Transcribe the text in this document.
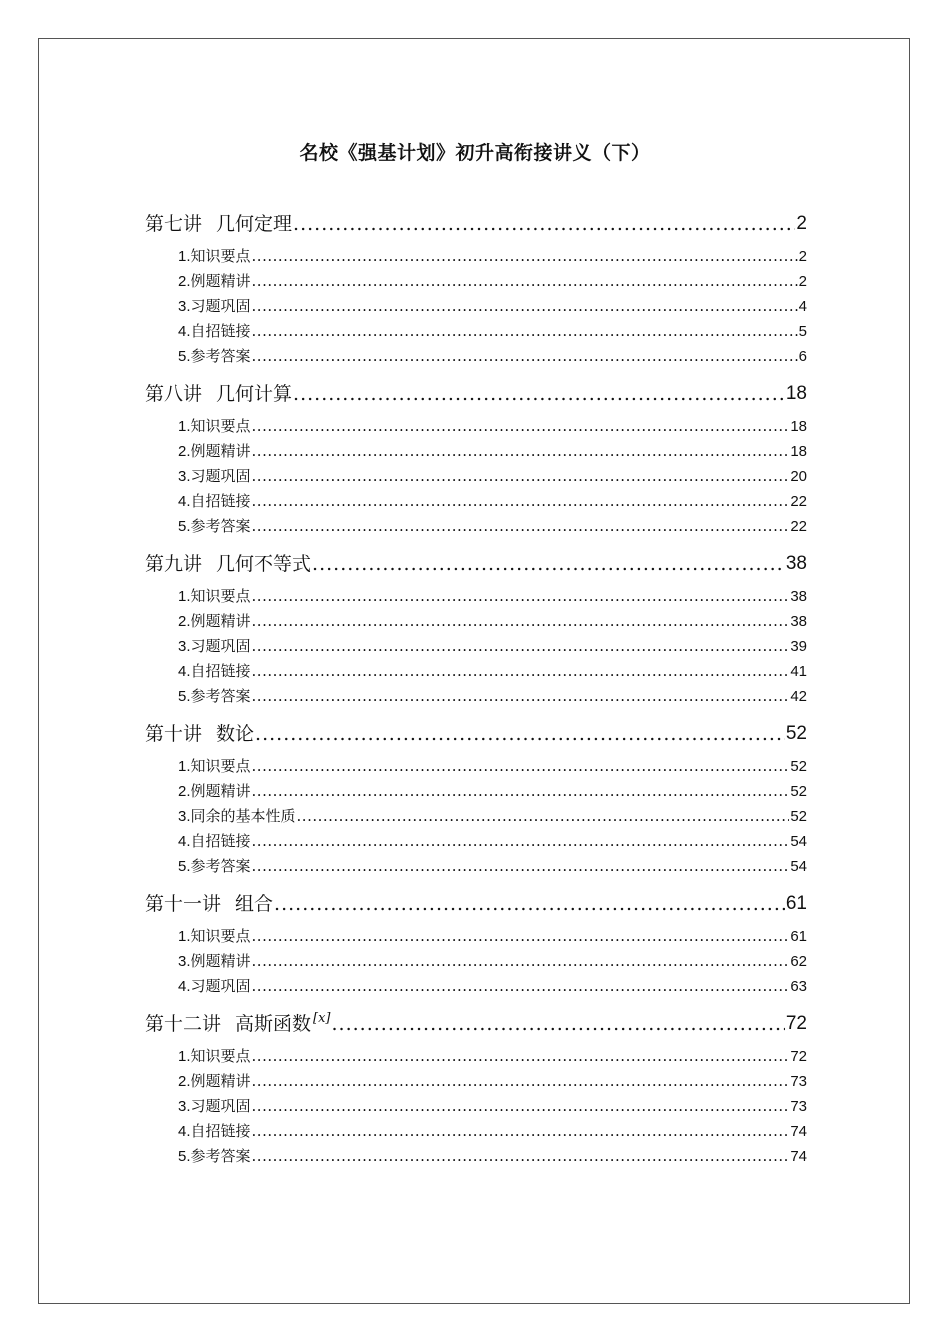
名校《强基计划》初升高衔接讲义（下）
第七讲 几何定理 .....	2
1.知识要点 .....	2
2.例题精讲 .....	2
3.习题巩固 .....	4
4.自招链接 .....	5
5.参考答案 .....	6
第八讲 几何计算 .....	18
1.知识要点 .....	18
2.例题精讲 .....	18
3.习题巩固 .....	20
4.自招链接 .....	22
5.参考答案 .....	22
第九讲 几何不等式 .....	38
1.知识要点 .....	38
2.例题精讲 .....	38
3.习题巩固 .....	39
4.自招链接 .....	41
5.参考答案 .....	42
第十讲 数论 .....	52
1.知识要点 .....	52
2.例题精讲 .....	52
3.同余的基本性质 .....	52
4.自招链接 .....	54
5.参考答案 .....	54
第十一讲 组合 .....	61
1.知识要点 .....	61
3.例题精讲 .....	62
4.习题巩固 .....	63
第十二讲 高斯函数 [x] .....	72
1.知识要点 .....	72
2.例题精讲 .....	73
3.习题巩固 .....	73
4.自招链接 .....	74
5.参考答案 .....	74
